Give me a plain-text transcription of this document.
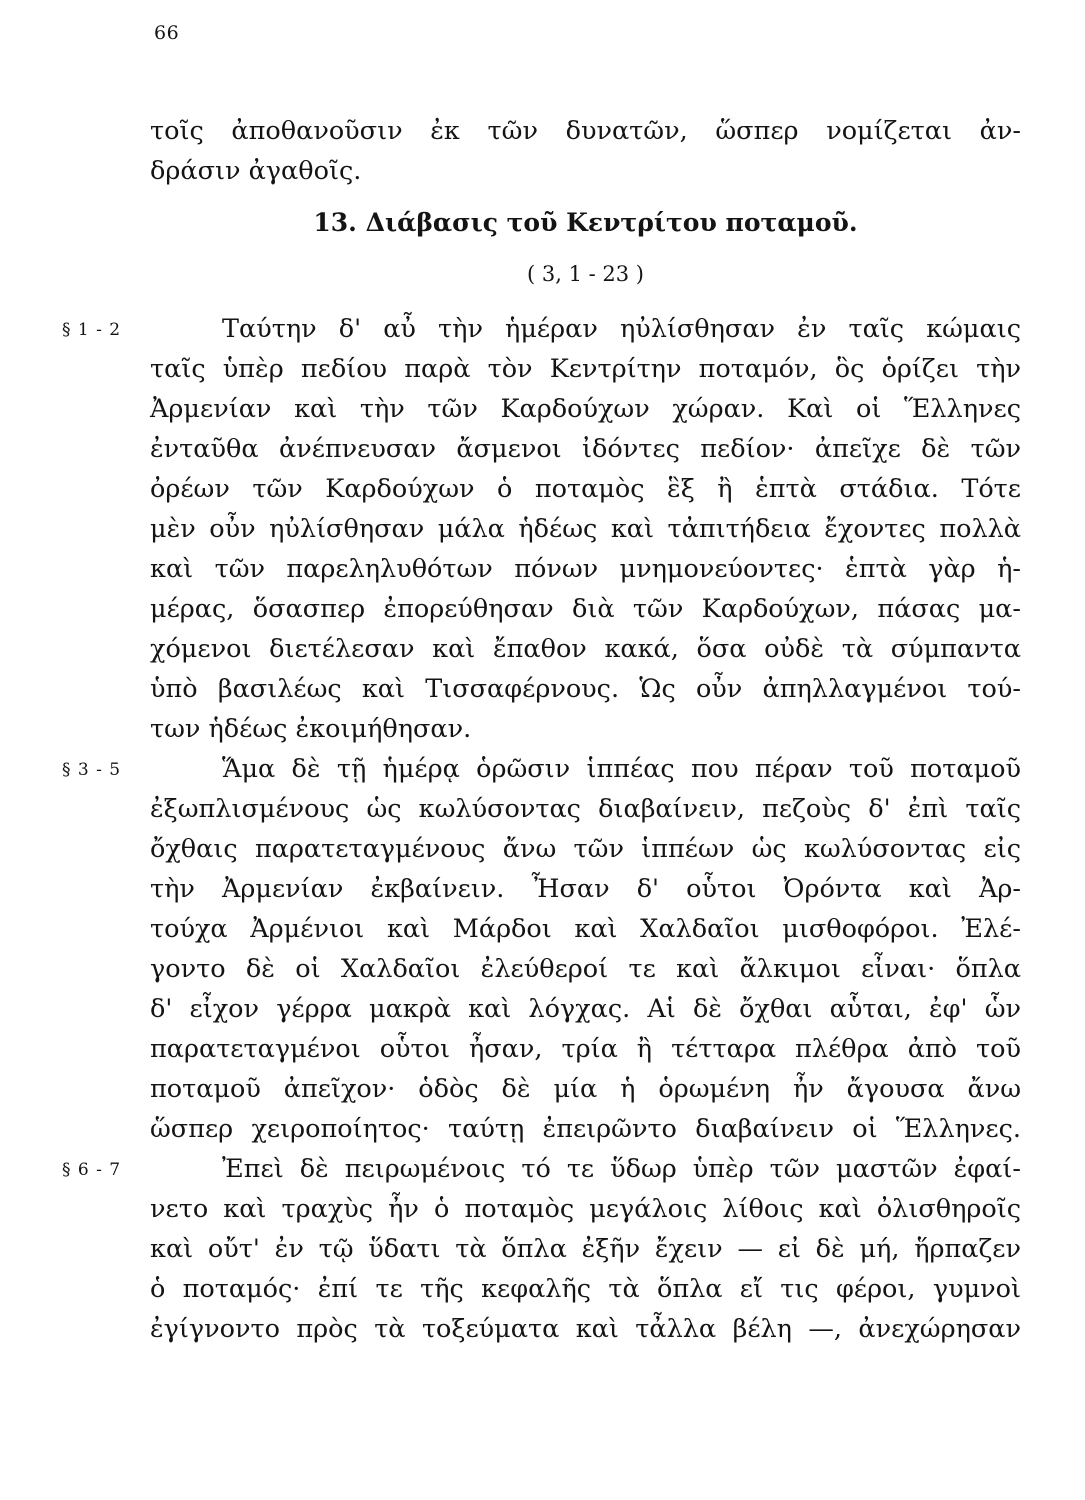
66
τοῖς ἀποθανοῦσιν ἐκ τῶν δυνατῶν, ὥσπερ νομίζεται ἀν-
δράσιν ἀγαθοῖς.
13. Διάβασις τοῦ Κεντρίτου ποταμοῦ.
( 3, 1 - 23 )
§ 1 - 2	Ταύτην δ' αὖ τὴν ἡμέραν ηὐλίσθησαν ἐν ταῖς κώμαις
ταῖς ὑπὲρ πεδίου παρὰ τὸν Κεντρίτην ποταμόν, ὃς ὁρίζει τὴν
Ἀρμενίαν καὶ τὴν τῶν Καρδούχων χώραν. Καὶ οἱ Ἕλληνες
ἐνταῦθα ἀνέπνευσαν ἄσμενοι ἰδόντες πεδίον· ἀπεῖχε δὲ τῶν
ὀρέων τῶν Καρδούχων ὁ ποταμὸς ἓξ ἢ ἑπτὰ στάδια. Τότε
μὲν οὖν ηὐλίσθησαν μάλα ἡδέως καὶ τἀπιτήδεια ἔχοντες πολλὰ
καὶ τῶν παρεληλυθότων πόνων μνημονεύοντες· ἑπτὰ γὰρ ἡ-
μέρας, ὅσασπερ ἐπορεύθησαν διὰ τῶν Καρδούχων, πάσας μα-
χόμενοι διετέλεσαν καὶ ἔπαθον κακά, ὅσα οὐδὲ τὰ σύμπαντα
ὑπὸ βασιλέως καὶ Τισσαφέρνους. Ὡς οὖν ἀπηλλαγμένοι τού-
των ἡδέως ἐκοιμήθησαν.
§ 3 - 5	Ἅμα δὲ τῇ ἡμέρᾳ ὁρῶσιν ἱππέας που πέραν τοῦ ποταμοῦ
ἐξωπλισμένους ὡς κωλύσοντας διαβαίνειν, πεζοὺς δ' ἐπὶ ταῖς
ὄχθαις παρατεταγμένους ἄνω τῶν ἱππέων ὡς κωλύσοντας εἰς
τὴν Ἀρμενίαν ἐκβαίνειν. Ἦσαν δ' οὗτοι Ὀρόντα καὶ Ἀρ-
τούχα Ἀρμένιοι καὶ Μάρδοι καὶ Χαλδαῖοι μισθοφόροι. Ἐλέ-
γοντο δὲ οἱ Χαλδαῖοι ἐλεύθεροί τε καὶ ἄλκιμοι εἶναι· ὅπλα
δ' εἶχον γέρρα μακρὰ καὶ λόγχας. Αἱ δὲ ὄχθαι αὗται, ἐφ' ὧν
παρατεταγμένοι οὗτοι ἦσαν, τρία ἢ τέτταρα πλέθρα ἀπὸ τοῦ
ποταμοῦ ἀπεῖχον· ὁδὸς δὲ μία ἡ ὁρωμένη ἦν ἄγουσα ἄνω
ὥσπερ χειροποίητος· ταύτῃ ἐπειρῶντο διαβαίνειν οἱ Ἕλληνες.
§ 6 - 7	Ἐπεὶ δὲ πειρωμένοις τό τε ὕδωρ ὑπὲρ τῶν μαστῶν ἐφαί-
νετο καὶ τραχὺς ἦν ὁ ποταμὸς μεγάλοις λίθοις καὶ ὀλισθηροῖς
καὶ οὔτ' ἐν τῷ ὕδατι τὰ ὅπλα ἐξῆν ἔχειν — εἰ δὲ μή, ἥρπαζεν
ὁ ποταμός· ἐπί τε τῆς κεφαλῆς τὰ ὅπλα εἴ τις φέροι, γυμνοὶ
ἐγίγνοντο πρὸς τὰ τοξεύματα καὶ τἆλλα βέλη —, ἀνεχώρησαν
